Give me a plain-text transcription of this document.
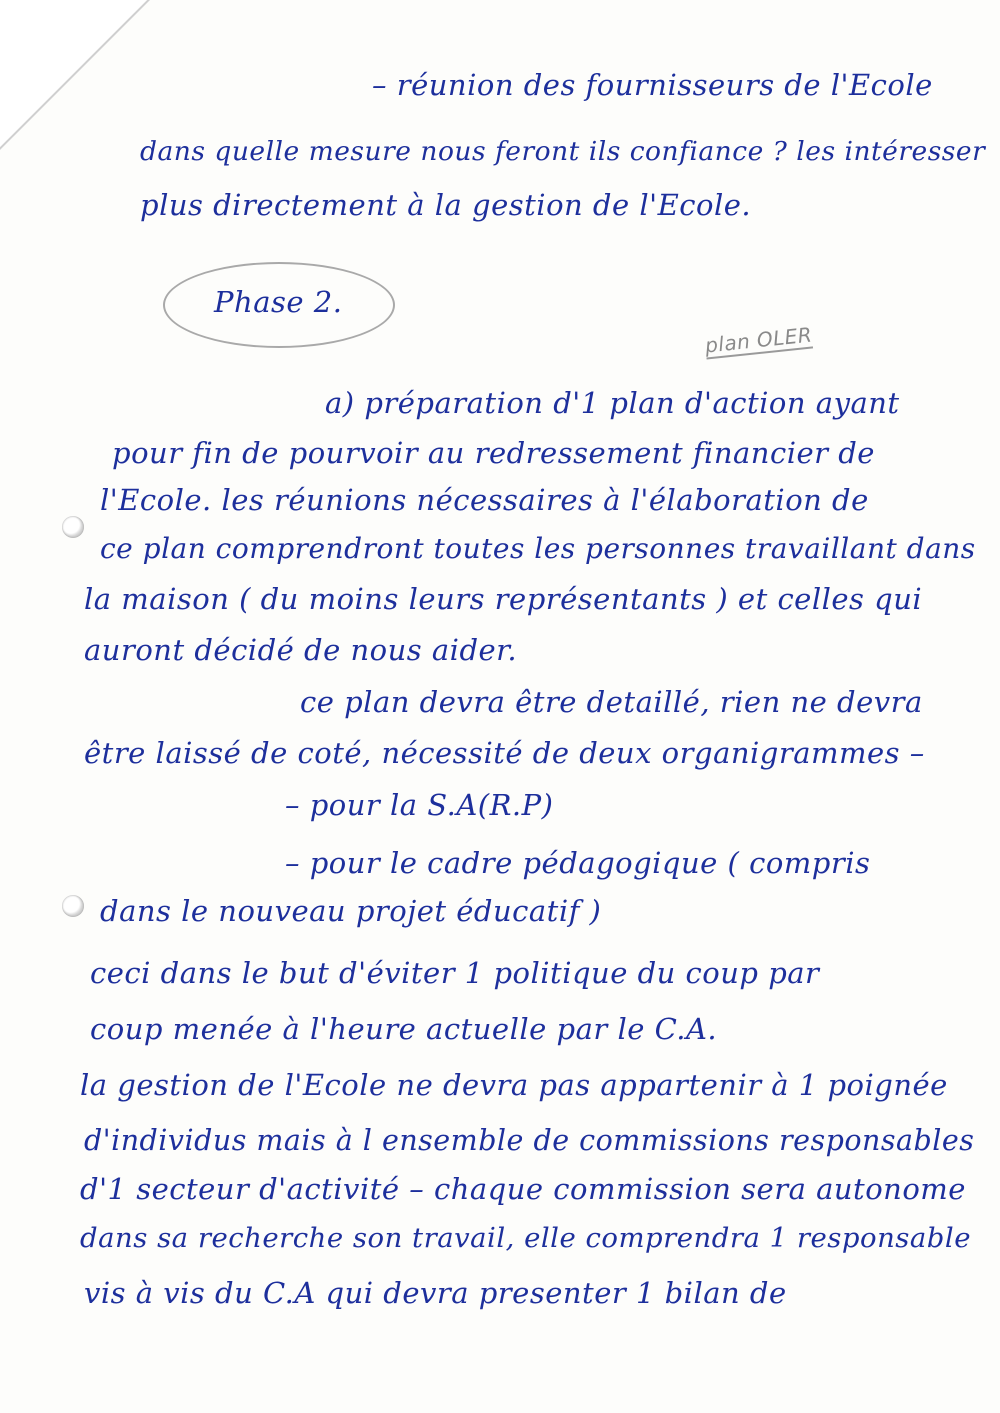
– réunion des fournisseurs de l'Ecole
dans quelle mesure nous feront ils confiance ? les intéresser
plus directement à la gestion de l'Ecole.
Phase 2.
plan OLER
a) préparation d'1 plan d'action ayant
pour fin de pourvoir au redressement financier de
l'Ecole. les réunions nécessaires à l'élaboration de
ce plan comprendront toutes les personnes travaillant dans
la maison ( du moins leurs représentants ) et celles qui
auront décidé de nous aider.
ce plan devra être detaillé, rien ne devra
être laissé de coté, nécessité de deux organigrammes –
– pour la S.A(R.P)
– pour le cadre pédagogique ( compris
dans le nouveau projet éducatif )
ceci dans le but d'éviter 1 politique du coup par
coup menée à l'heure actuelle par le C.A.
la gestion de l'Ecole ne devra pas appartenir à 1 poignée
d'individus mais à l ensemble de commissions responsables
d'1 secteur d'activité – chaque commission sera autonome
dans sa recherche son travail, elle comprendra 1 responsable
vis à vis du C.A qui devra presenter 1 bilan de
